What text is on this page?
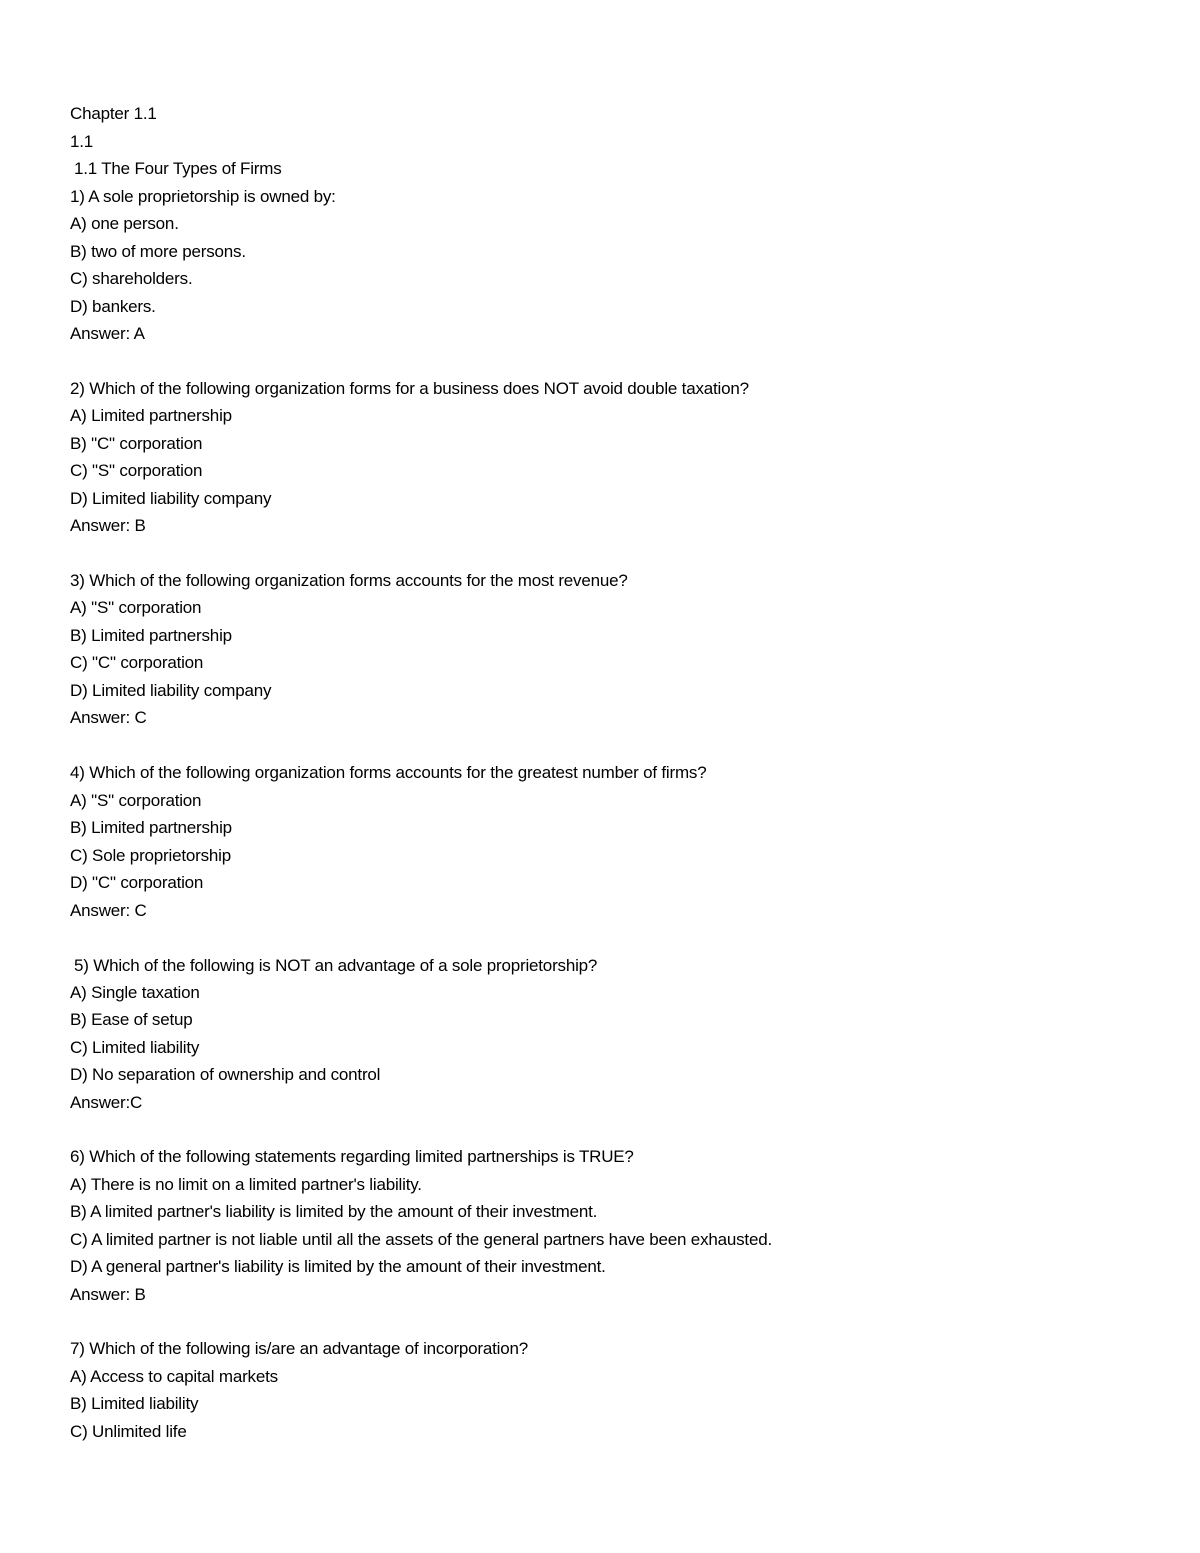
Chapter 1.1
1.1
1.1 The Four Types of Firms
1) A sole proprietorship is owned by:
A) one person.
B) two of more persons.
C) shareholders.
D) bankers.
Answer: A
2) Which of the following organization forms for a business does NOT avoid double taxation?
A) Limited partnership
B) "C" corporation
C) "S" corporation
D) Limited liability company
Answer: B
3) Which of the following organization forms accounts for the most revenue?
A) "S" corporation
B) Limited partnership
C) "C" corporation
D) Limited liability company
Answer: C
4) Which of the following organization forms accounts for the greatest number of firms?
A) "S" corporation
B) Limited partnership
C) Sole proprietorship
D) "C" corporation
Answer: C
5) Which of the following is NOT an advantage of a sole proprietorship?
A) Single taxation
B) Ease of setup
C) Limited liability
D) No separation of ownership and control
Answer:C
6) Which of the following statements regarding limited partnerships is TRUE?
A) There is no limit on a limited partner's liability.
B) A limited partner's liability is limited by the amount of their investment.
C) A limited partner is not liable until all the assets of the general partners have been exhausted.
D) A general partner's liability is limited by the amount of their investment.
Answer: B
7) Which of the following is/are an advantage of incorporation?
A) Access to capital markets
B) Limited liability
C) Unlimited life
